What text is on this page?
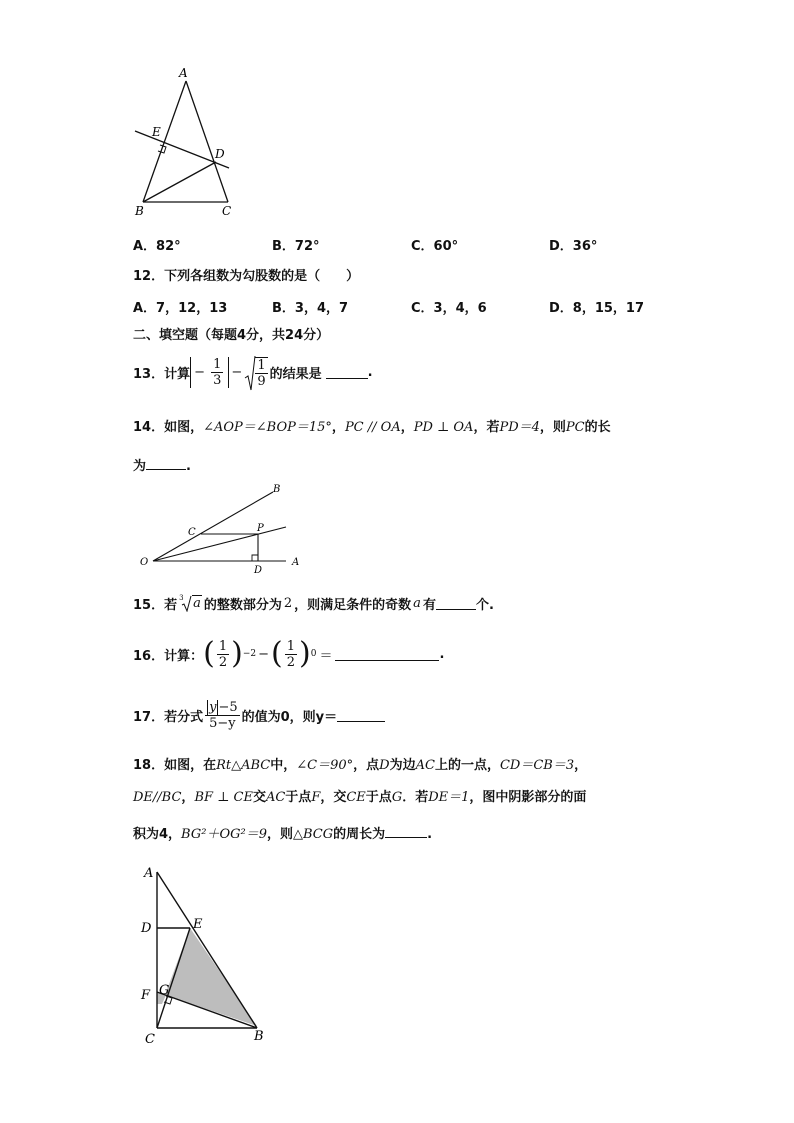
A
E
D
B	C
A．82°	B．72°	C．60°	D．36°
12．下列各组数为勾股数的是（　　）
A．7，12，13	B．3，4，7	C．3，4，6	D．8，15，17
二、填空题（每题4分，共24分）
13．计算 − $\frac{1}{3} - \frac{1}{9}$ 的结果是	.
14．如图，∠AOP＝∠BOP＝15°，PC // OA，PD ⊥ OA，若PD＝4，则PC的长
为	.
B
C	P
O
D
A
15．若 3 a 的整数部分为 2 ，则满足条件的奇数 a 有	个.
16．计算： ( $\frac{1}{2}$ ) −2 − ( $\frac{1}{2}$ ) 0 ＝	.
17．若分式 $\frac{y -5}{5-y}$ 的值为0，则 y＝
18．如图，在Rt△ABC中，∠C＝90°，点D为边AC上的一点，CD＝CB＝3，
DE//BC，BF ⊥ CE交AC于点F，交CE于点G．若DE＝1，图中阴影部分的面
积为4，BG²＋OG²＝9，则△BCG的周长为	.
A
D	E
F G
C	B
